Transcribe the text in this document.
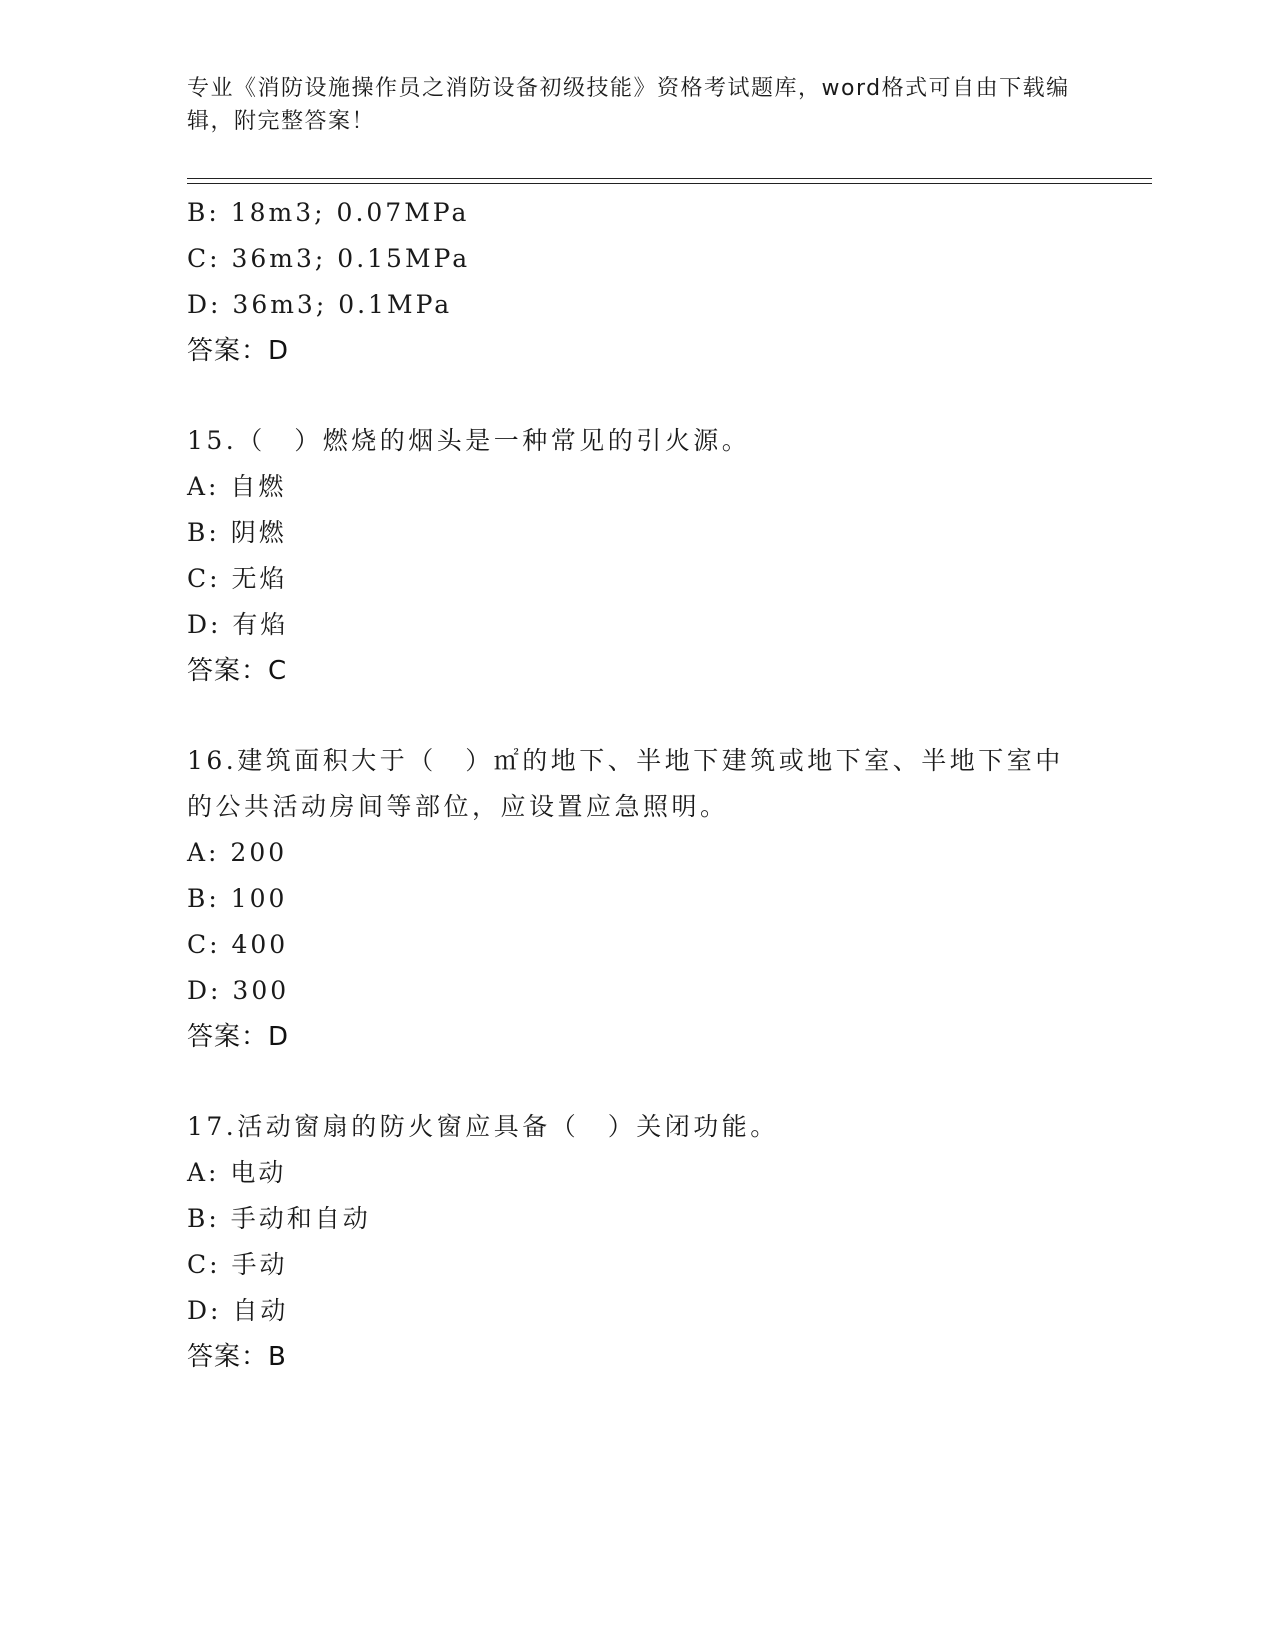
专业《消防设施操作员之消防设备初级技能》资格考试题库，word格式可自由下载编辑，附完整答案！
B: 18m3; 0.07MPa
C: 36m3; 0.15MPa
D: 36m3; 0.1MPa
答案：D
15.（　）燃烧的烟头是一种常见的引火源。
A: 自燃
B: 阴燃
C: 无焰
D: 有焰
答案：C
16.建筑面积大于（　）㎡的地下、半地下建筑或地下室、半地下室中的公共活动房间等部位，应设置应急照明。
A: 200
B: 100
C: 400
D: 300
答案：D
17.活动窗扇的防火窗应具备（　）关闭功能。
A: 电动
B: 手动和自动
C: 手动
D: 自动
答案：B
